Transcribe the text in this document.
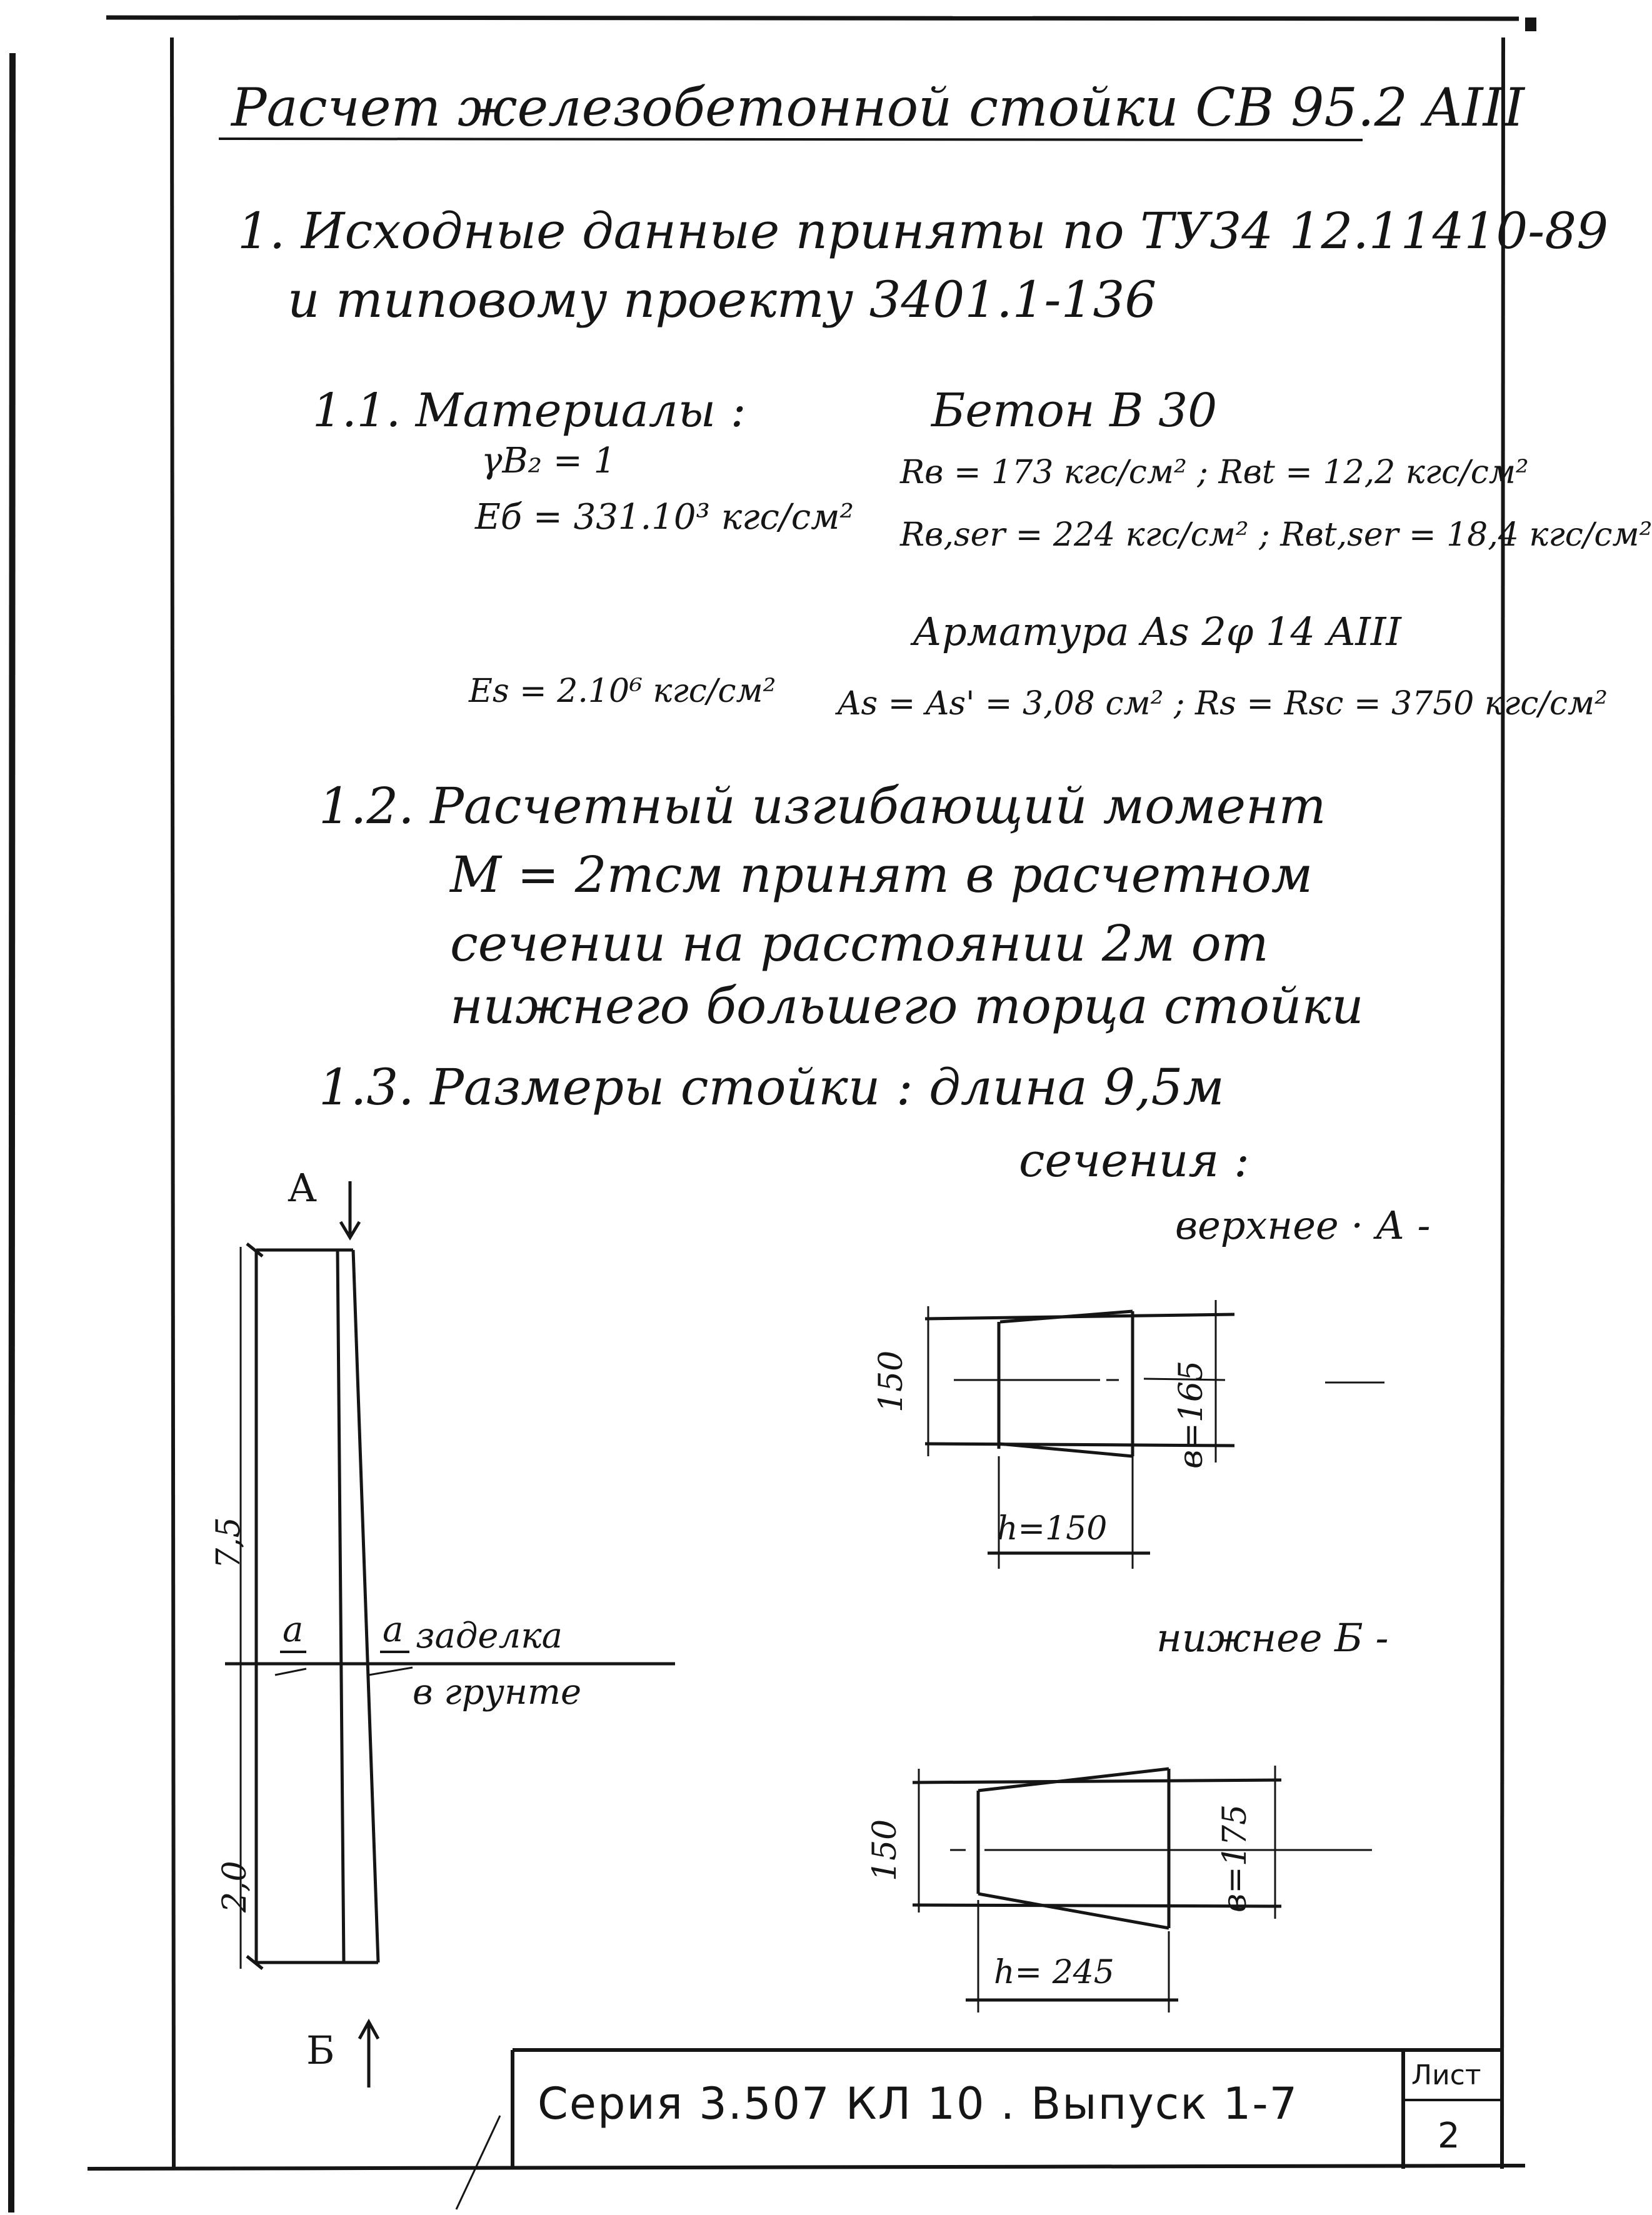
Расчет железобетонной стойки СВ 95.2 AIII
1. Исходные данные приняты по ТУ34 12.11410-89
и типовому проекту 3401.1-136
1.1. Материалы :	Бетон В 30
γB₂ = 1
Eб = 331.10³ кгс/см²
Rв = 173 кгс/см² ; Rвt = 12,2 кгс/см²
Rв,ser = 224 кгс/см² ; Rвt,ser = 18,4 кгс/см²
Арматура As 2φ 14 AIII
Es = 2.10⁶ кгс/см² As = As' = 3,08 см² ; Rs = Rsc = 3750 кгс/см²
1.2. Расчетный изгибающий момент
M = 2тсм принят в расчетном
сечении на расстоянии 2м от
нижнего большего торца стойки
1.3. Размеры стойки : длина 9,5м
сечения :
верхнее · А -
нижнее Б -
А
Б
7,5
2,0
а а заделка
в грунте
150	в=165
h=150
150	в=175
h= 245
Серия 3.507 КЛ 10 . Выпуск 1-7
Лист
2
